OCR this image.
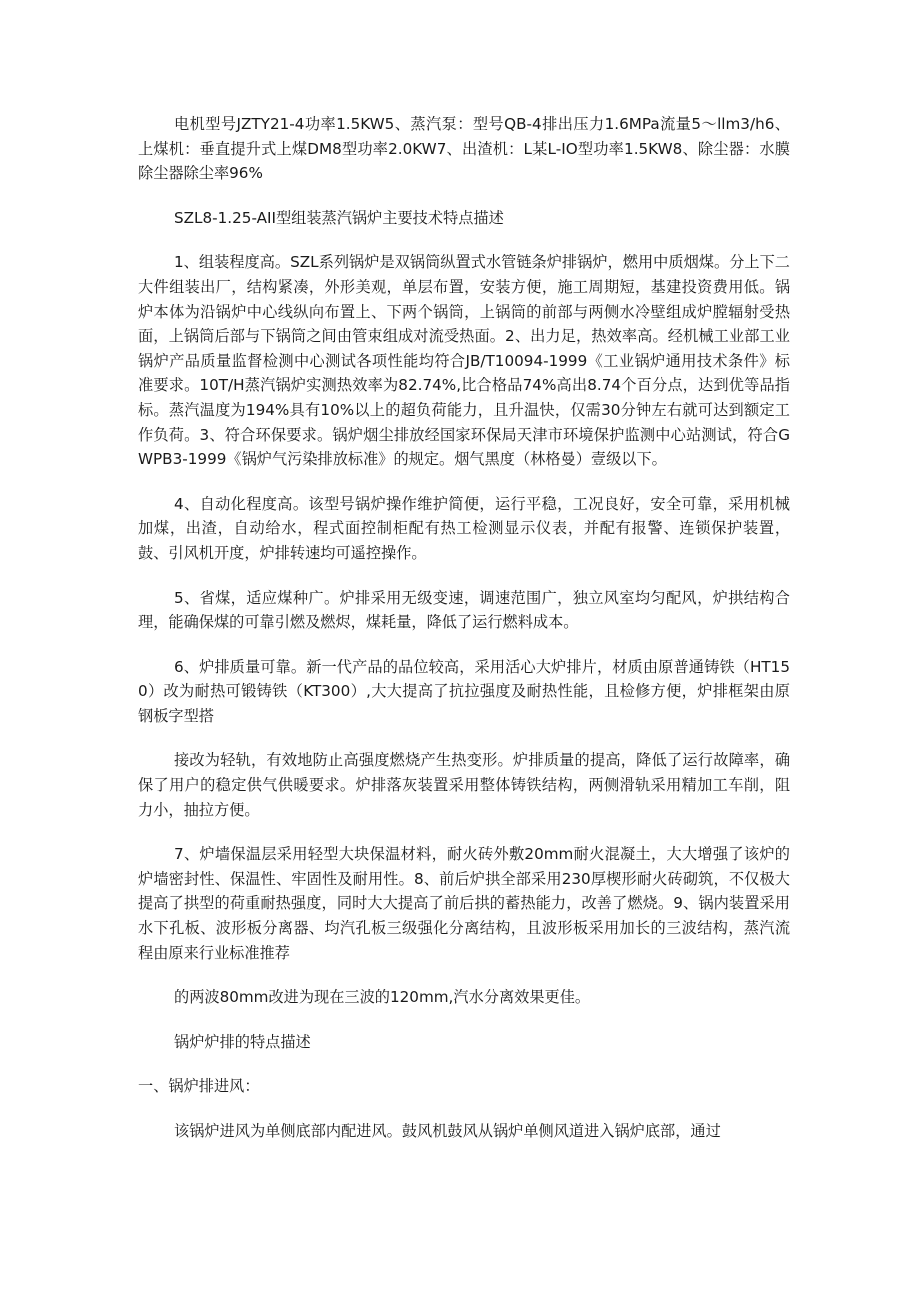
电机型号JZTY21-4功率1.5KW5、蒸汽泵：型号QB-4排出压力1.6MPa流量5～llm3/h6、上煤机：垂直提升式上煤DM8型功率2.0KW7、出渣机：L某L-IO型功率1.5KW8、除尘器：水膜除尘器除尘率96%

SZL8-1.25-AII型组装蒸汽锅炉主要技术特点描述

1、组装程度高。SZL系列锅炉是双锅筒纵置式水管链条炉排锅炉，燃用中质烟煤。分上下二大件组装出厂，结构紧凑，外形美观，单层布置，安装方便，施工周期短，基建投资费用低。锅炉本体为沿锅炉中心线纵向布置上、下两个锅筒，上锅筒的前部与两侧水冷壁组成炉膛辐射受热面，上锅筒后部与下锅筒之间由管束组成对流受热面。2、出力足，热效率高。经机械工业部工业锅炉产品质量监督检测中心测试各项性能均符合JB/T10094-1999《工业锅炉通用技术条件》标准要求。10T/H蒸汽锅炉实测热效率为82.74%,比合格品74%高出8.74个百分点，达到优等品指标。蒸汽温度为194%具有10%以上的超负荷能力，且升温快，仅需30分钟左右就可达到额定工作负荷。3、符合环保要求。锅炉烟尘排放经国家环保局天津市环境保护监测中心站测试，符合GWPB3-1999《锅炉气污染排放标准》的规定。烟气黑度（林格曼）壹级以下。

4、自动化程度高。该型号锅炉操作维护简便，运行平稳，工况良好，安全可靠，采用机械加煤，出渣，自动给水，程式面控制柜配有热工检测显示仪表，并配有报警、连锁保护装置，鼓、引风机开度，炉排转速均可遥控操作。

5、省煤，适应煤种广。炉排采用无级变速，调速范围广，独立风室均匀配风，炉拱结构合理，能确保煤的可靠引燃及燃烬，煤耗量，降低了运行燃料成本。

6、炉排质量可靠。新一代产品的品位较高，采用活心大炉排片，材质由原普通铸铁（HT150）改为耐热可锻铸铁（KT300）,大大提高了抗拉强度及耐热性能，且检修方便，炉排框架由原钢板字型搭

接改为轻轨，有效地防止高强度燃烧产生热变形。炉排质量的提高，降低了运行故障率，确保了用户的稳定供气供暖要求。炉排落灰装置采用整体铸铁结构，两侧滑轨采用精加工车削，阻力小，抽拉方便。

7、炉墙保温层采用轻型大块保温材料，耐火砖外敷20mm耐火混凝土，大大增强了该炉的炉墙密封性、保温性、牢固性及耐用性。8、前后炉拱全部采用230厚楔形耐火砖砌筑，不仅极大提高了拱型的荷重耐热强度，同时大大提高了前后拱的蓄热能力，改善了燃烧。9、锅内装置采用水下孔板、波形板分离器、均汽孔板三级强化分离结构，且波形板采用加长的三波结构，蒸汽流程由原来行业标准推荐

的两波80mm改进为现在三波的120mm,汽水分离效果更佳。

锅炉炉排的特点描述

一、锅炉排进风：

该锅炉进风为单侧底部内配进风。鼓风机鼓风从锅炉单侧风道进入锅炉底部，通过
